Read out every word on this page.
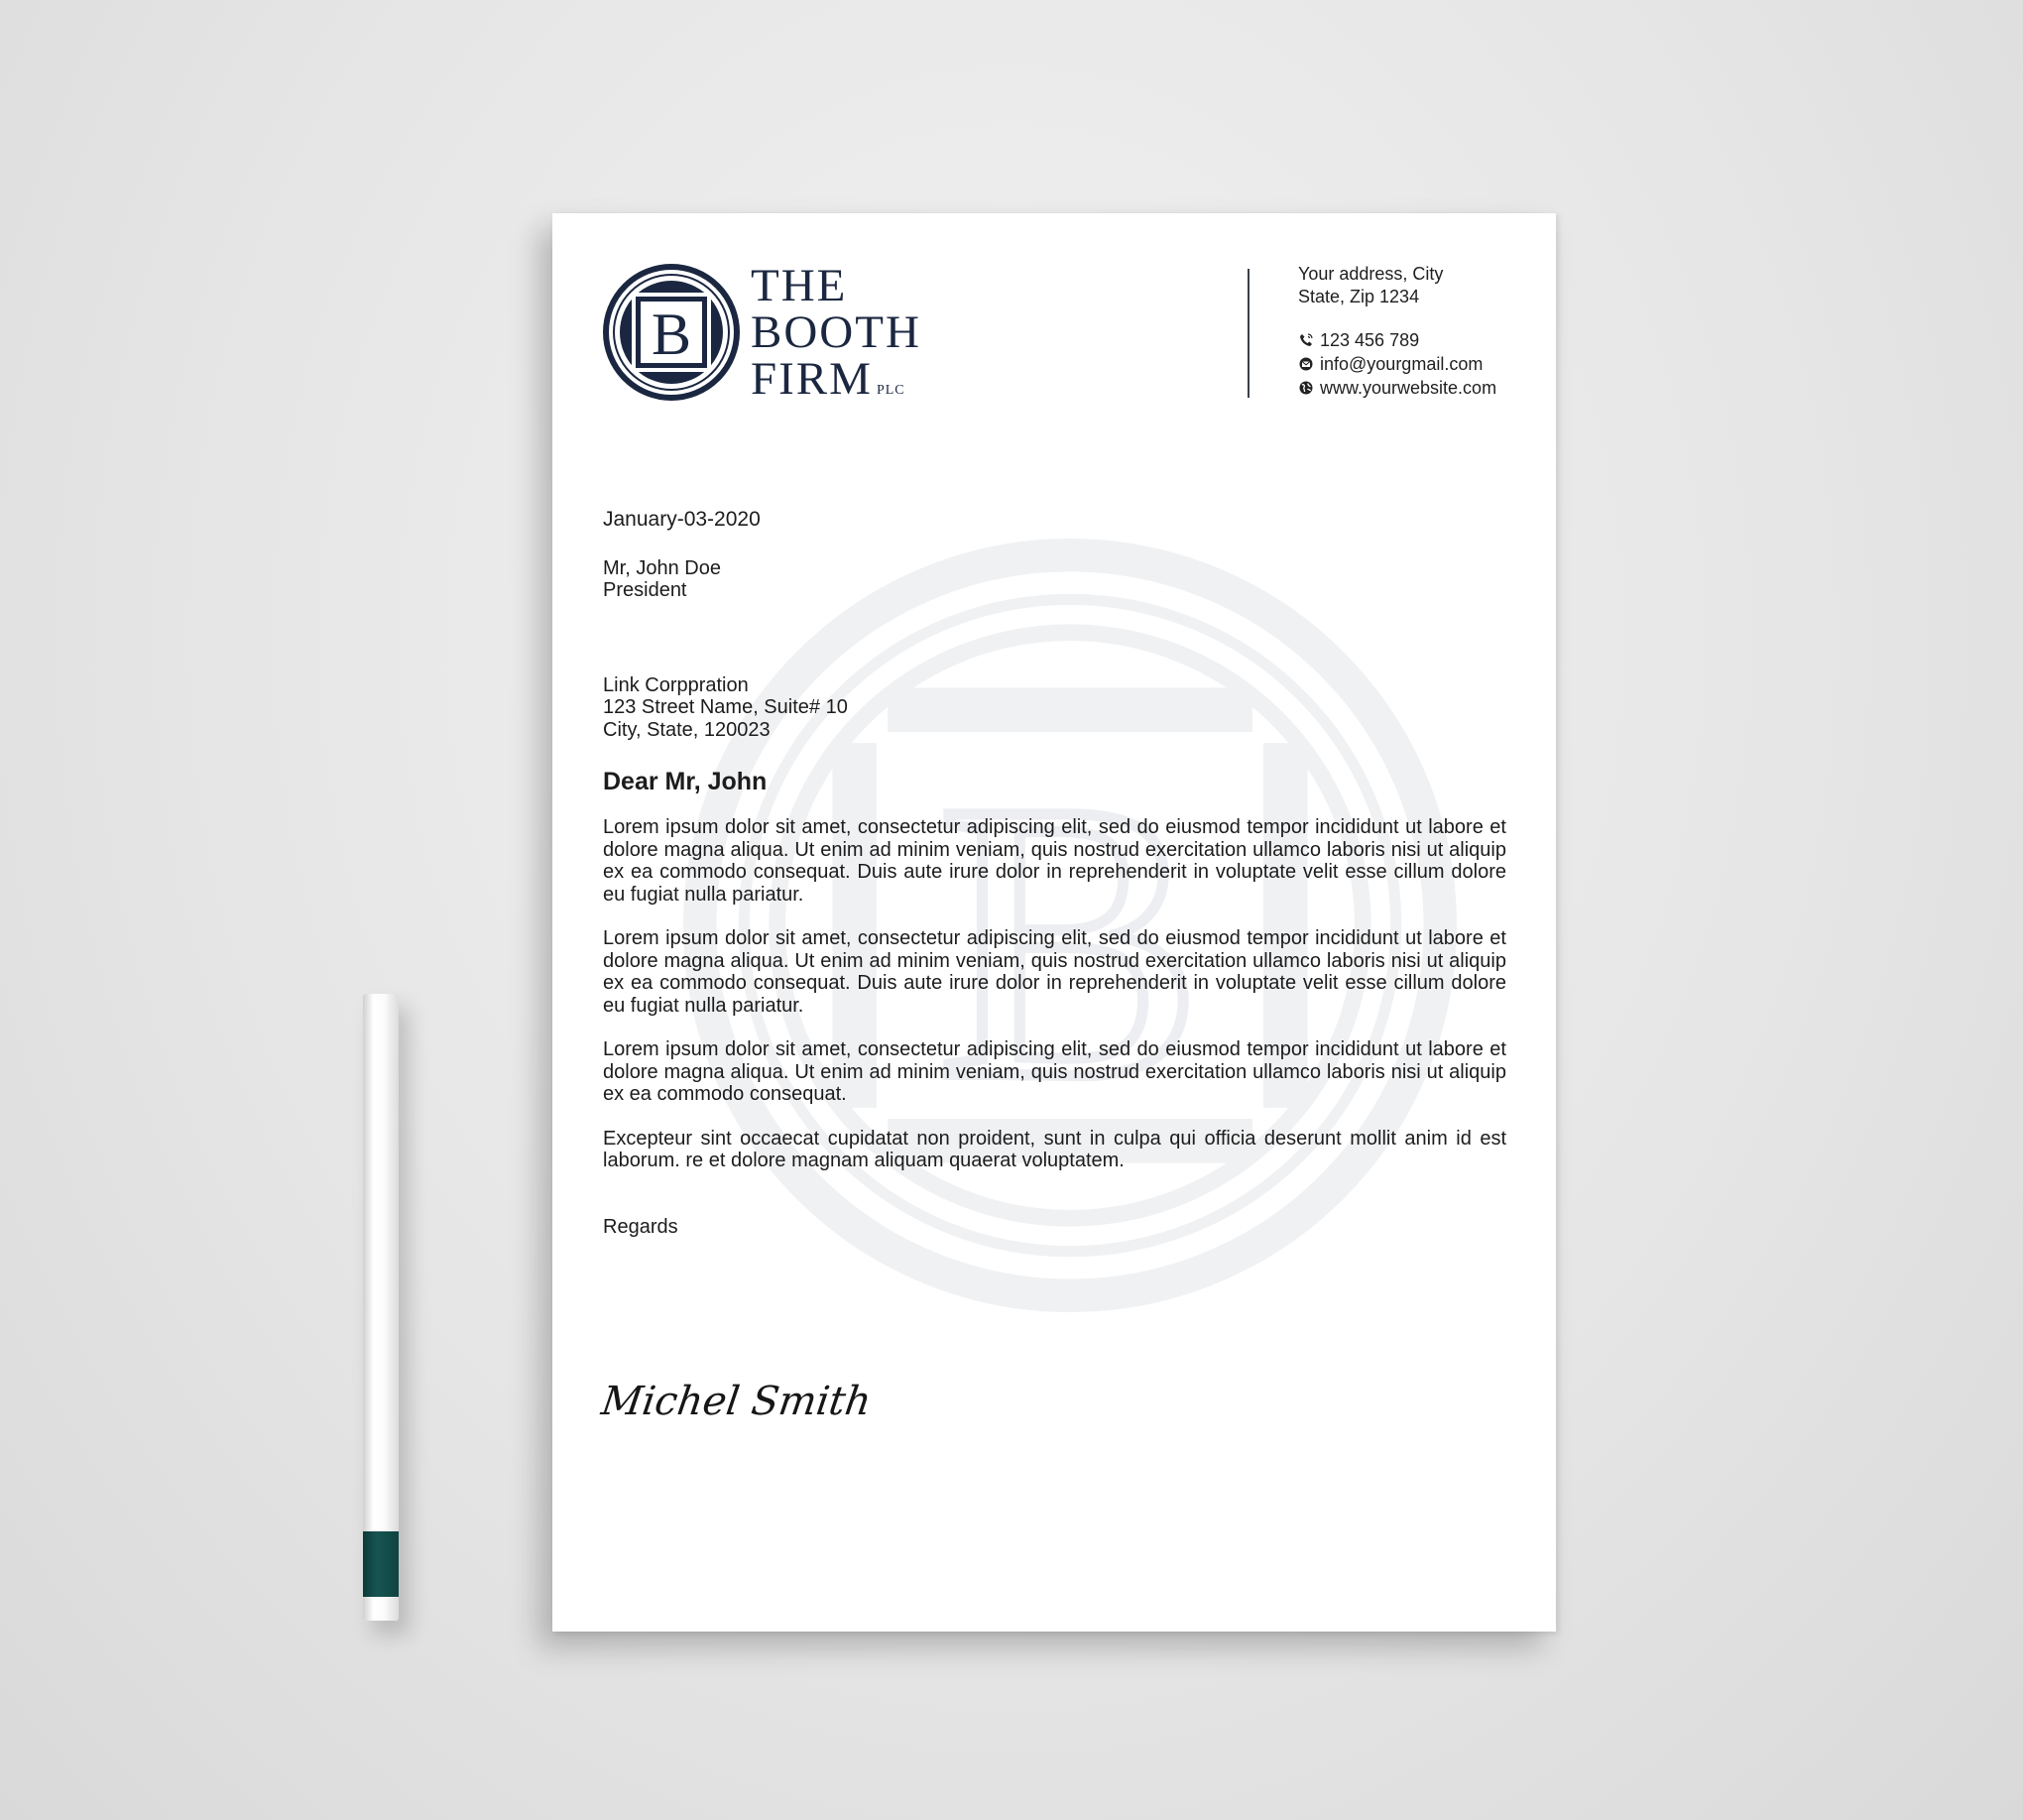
B
B
THE
BOOTH
FIRM PLC
Your address, City
State, Zip 1234
123 456 789
info@yourgmail.com
www.yourwebsite.com

January-03-2020

Mr, John Doe
President
Link Corppration
123 Street Name, Suite# 10
City, State, 120023

Dear Mr, John

Lorem ipsum dolor sit amet, consectetur adipiscing elit, sed do eiusmod tempor incididunt ut labore et dolore magna aliqua. Ut enim ad minim veniam, quis nostrud exercitation ullamco laboris nisi ut aliquip ex ea commodo consequat. Duis aute irure dolor in reprehenderit in voluptate velit esse cillum dolore eu fugiat nulla pariatur.

Lorem ipsum dolor sit amet, consectetur adipiscing elit, sed do eiusmod tempor incididunt ut labore et dolore magna aliqua. Ut enim ad minim veniam, quis nostrud exercitation ullamco laboris nisi ut aliquip ex ea commodo consequat. Duis aute irure dolor in reprehenderit in voluptate velit esse cillum dolore eu fugiat nulla pariatur.

Lorem ipsum dolor sit amet, consectetur adipiscing elit, sed do eiusmod tempor incididunt ut labore et dolore magna aliqua. Ut enim ad minim veniam, quis nostrud exercitation ullamco laboris nisi ut aliquip ex ea commodo consequat.

Excepteur sint occaecat cupidatat non proident, sunt in culpa qui officia deserunt mollit anim id est laborum. re et dolore magnam aliquam quaerat voluptatem.

Regards
Michel Smith
